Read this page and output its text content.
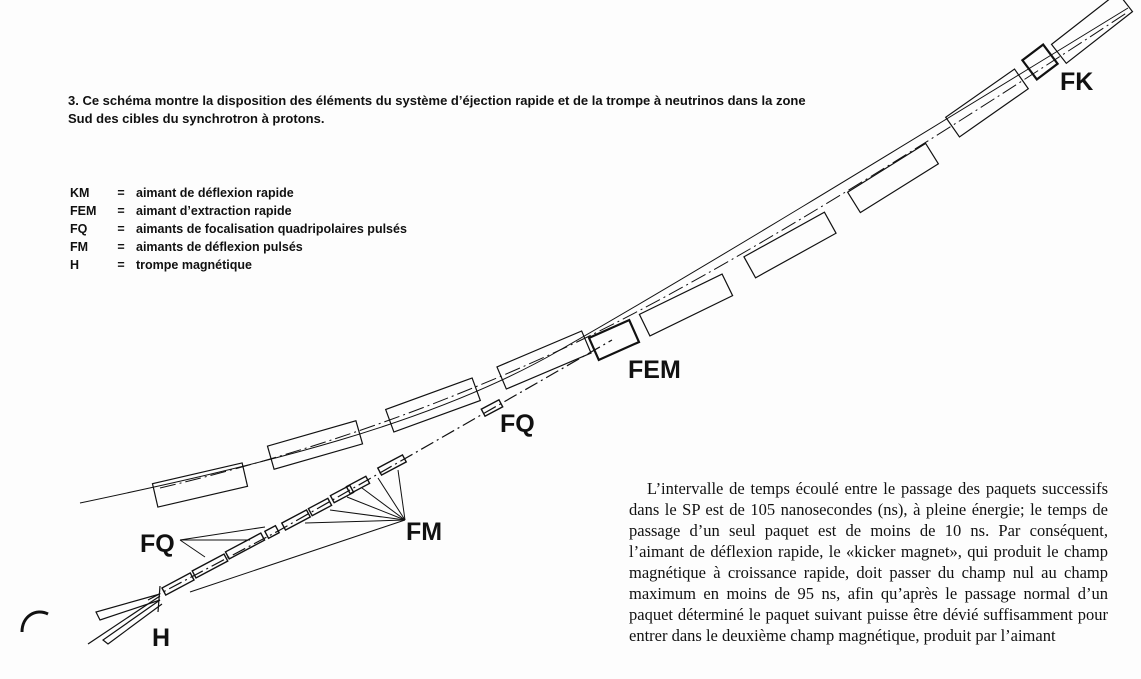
3. Ce schéma montre la disposition des éléments du système d’éjection rapide et de la trompe à neutrinos dans la zone Sud des cibles du synchrotron à protons.
KM	= aimant de déflexion rapide
FEM	= aimant d’extraction rapide
FQ	= aimants de focalisation quadripolaires pulsés
FM	= aimants de déflexion pulsés
H	= trompe magnétique
FK
FEM
FQ
FM
FQ
H
L’intervalle de temps écoulé entre le passage des paquets successifs dans le SP est de 105 nanosecondes (ns), à pleine énergie; le temps de passage d’un seul paquet est de moins de 10 ns. Par conséquent, l’aimant de déflexion rapide, le «kicker magnet», qui produit le champ magnétique à croissance rapide, doit passer du champ nul au champ maximum en moins de 95 ns, afin qu’après le passage normal d’un paquet déterminé le paquet suivant puisse être dévié suffisamment pour entrer dans le deuxième champ magnétique, produit par l’aimant
